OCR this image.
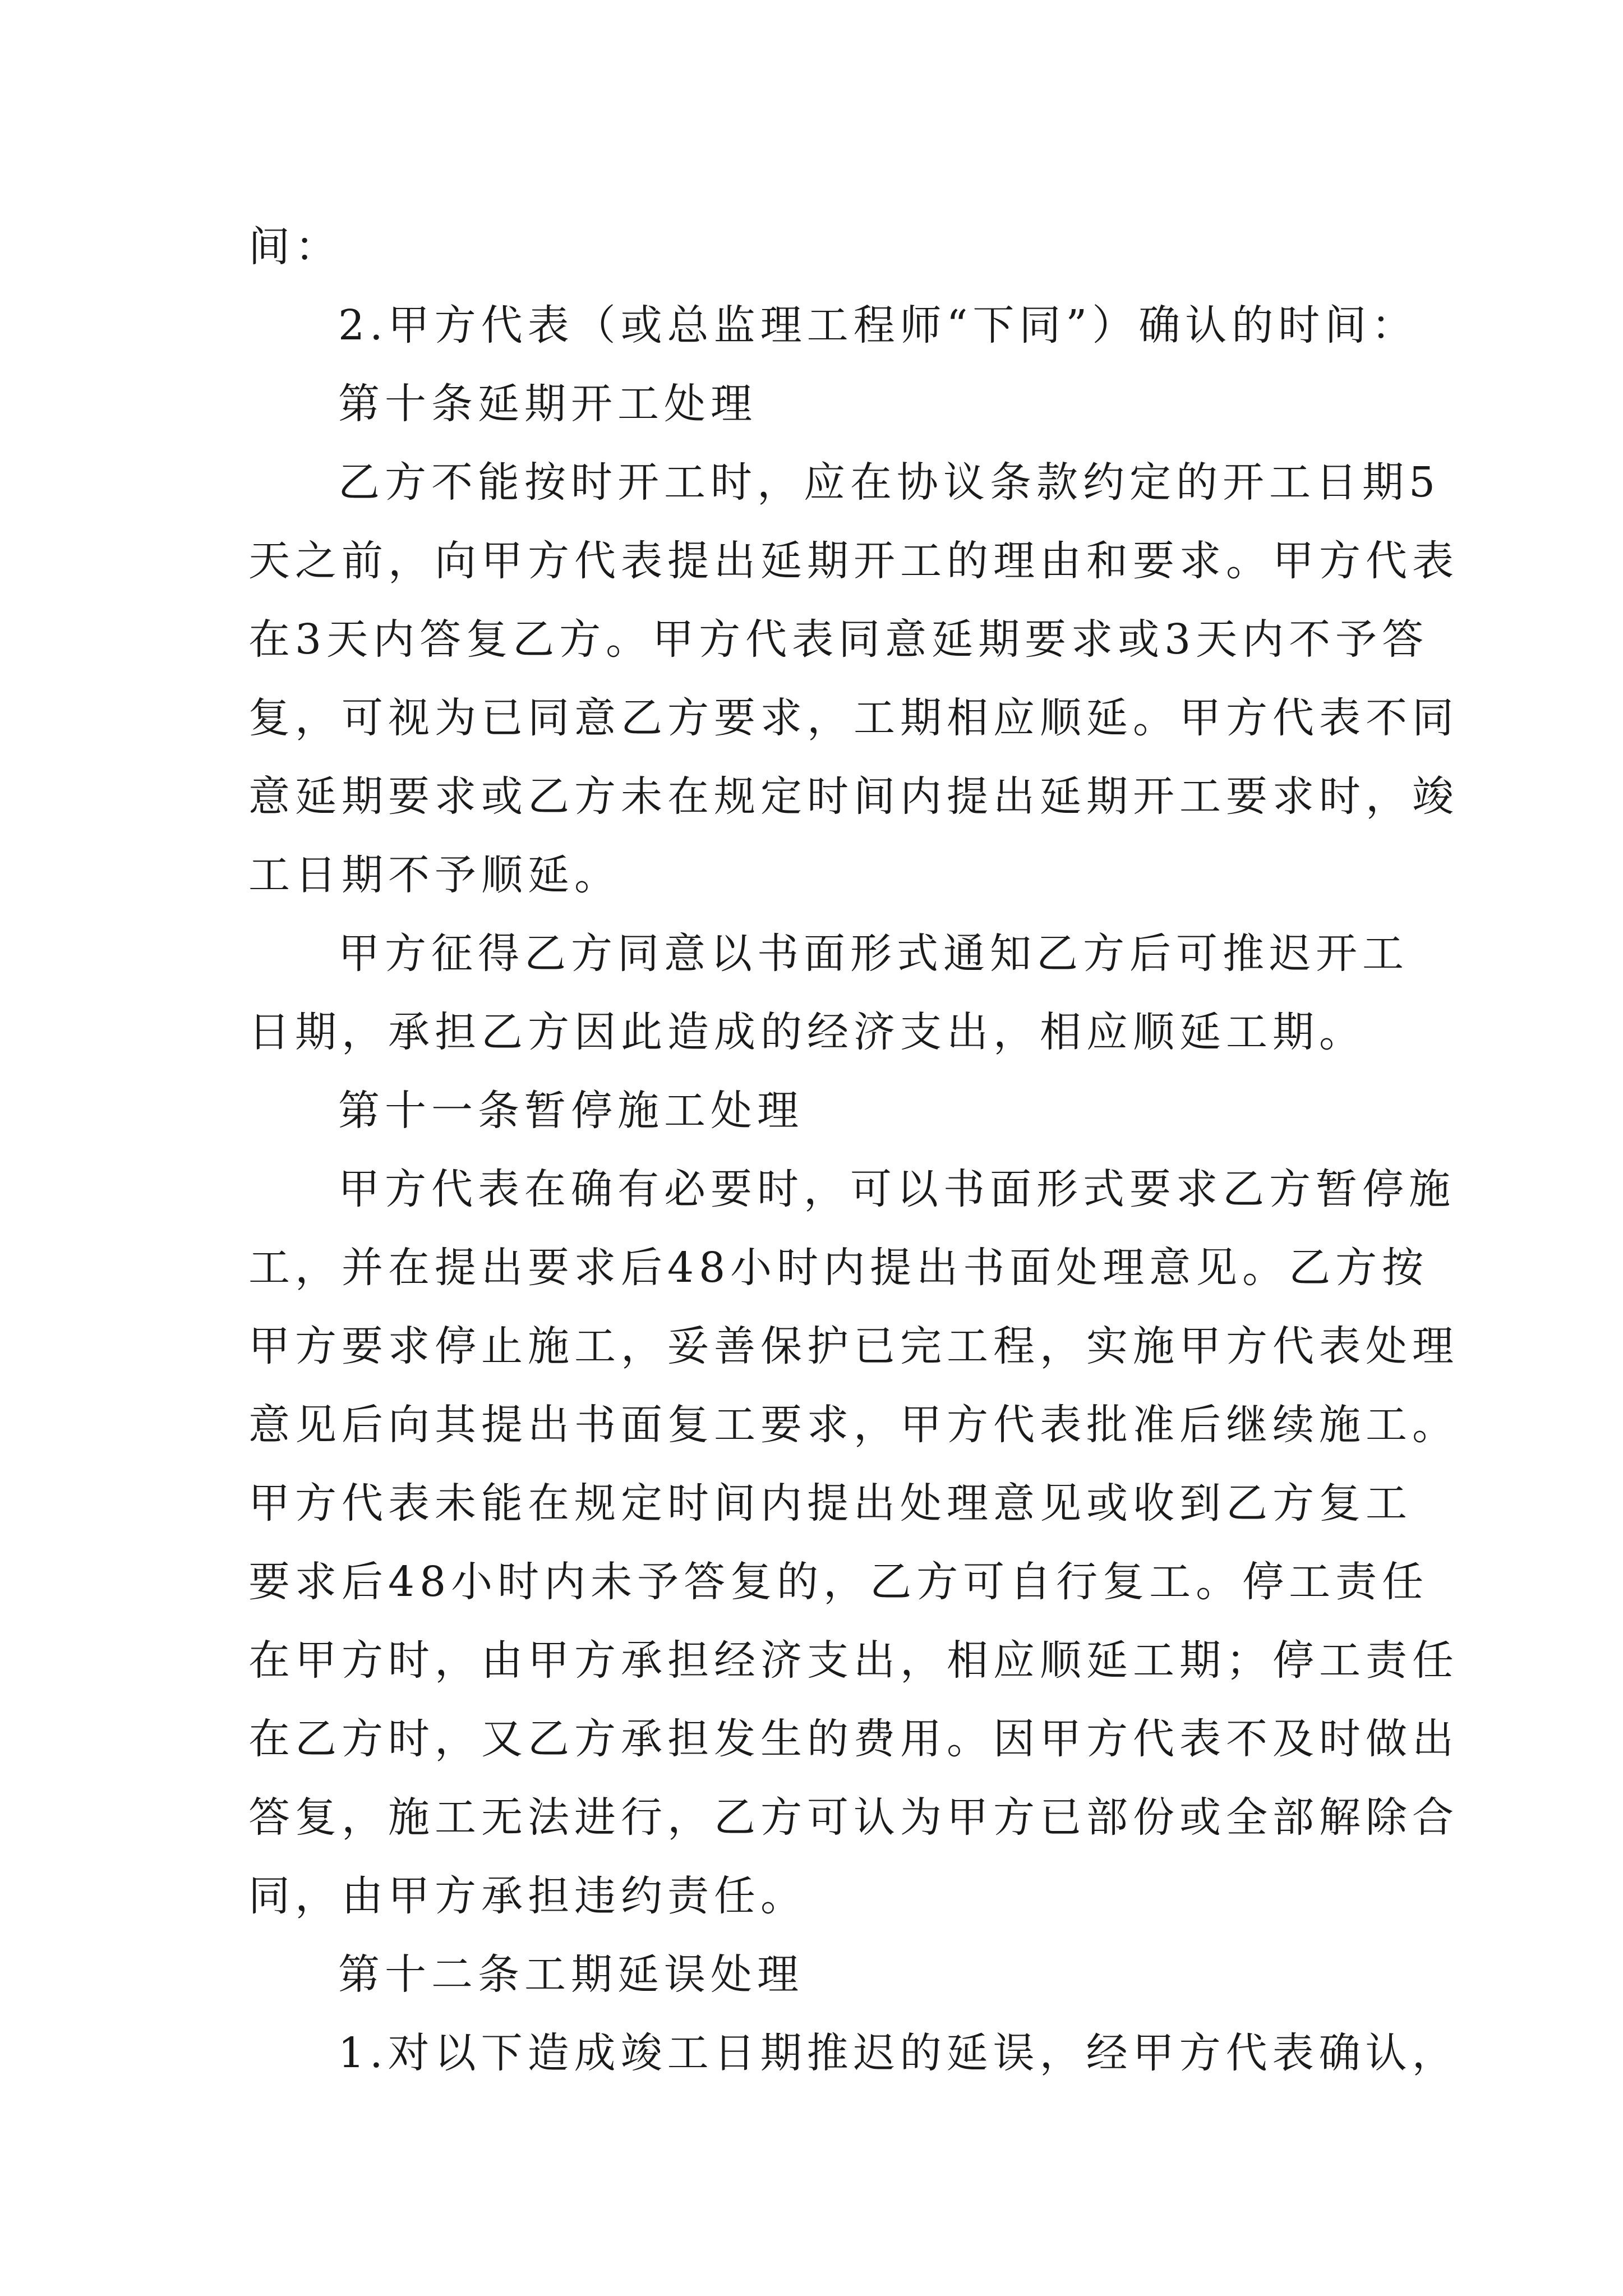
间：
2.甲方代表（或总监理工程师“下同”）确认的时间：
第十条延期开工处理
乙方不能按时开工时，应在协议条款约定的开工日期5
天之前，向甲方代表提出延期开工的理由和要求。甲方代表
在3天内答复乙方。甲方代表同意延期要求或3天内不予答
复，可视为已同意乙方要求，工期相应顺延。甲方代表不同
意延期要求或乙方未在规定时间内提出延期开工要求时，竣
工日期不予顺延。
甲方征得乙方同意以书面形式通知乙方后可推迟开工
日期，承担乙方因此造成的经济支出，相应顺延工期。
第十一条暂停施工处理
甲方代表在确有必要时，可以书面形式要求乙方暂停施
工，并在提出要求后48小时内提出书面处理意见。乙方按
甲方要求停止施工，妥善保护已完工程，实施甲方代表处理
意见后向其提出书面复工要求，甲方代表批准后继续施工。
甲方代表未能在规定时间内提出处理意见或收到乙方复工
要求后48小时内未予答复的，乙方可自行复工。停工责任
在甲方时，由甲方承担经济支出，相应顺延工期；停工责任
在乙方时，又乙方承担发生的费用。因甲方代表不及时做出
答复，施工无法进行，乙方可认为甲方已部份或全部解除合
同，由甲方承担违约责任。
第十二条工期延误处理
1.对以下造成竣工日期推迟的延误，经甲方代表确认，
